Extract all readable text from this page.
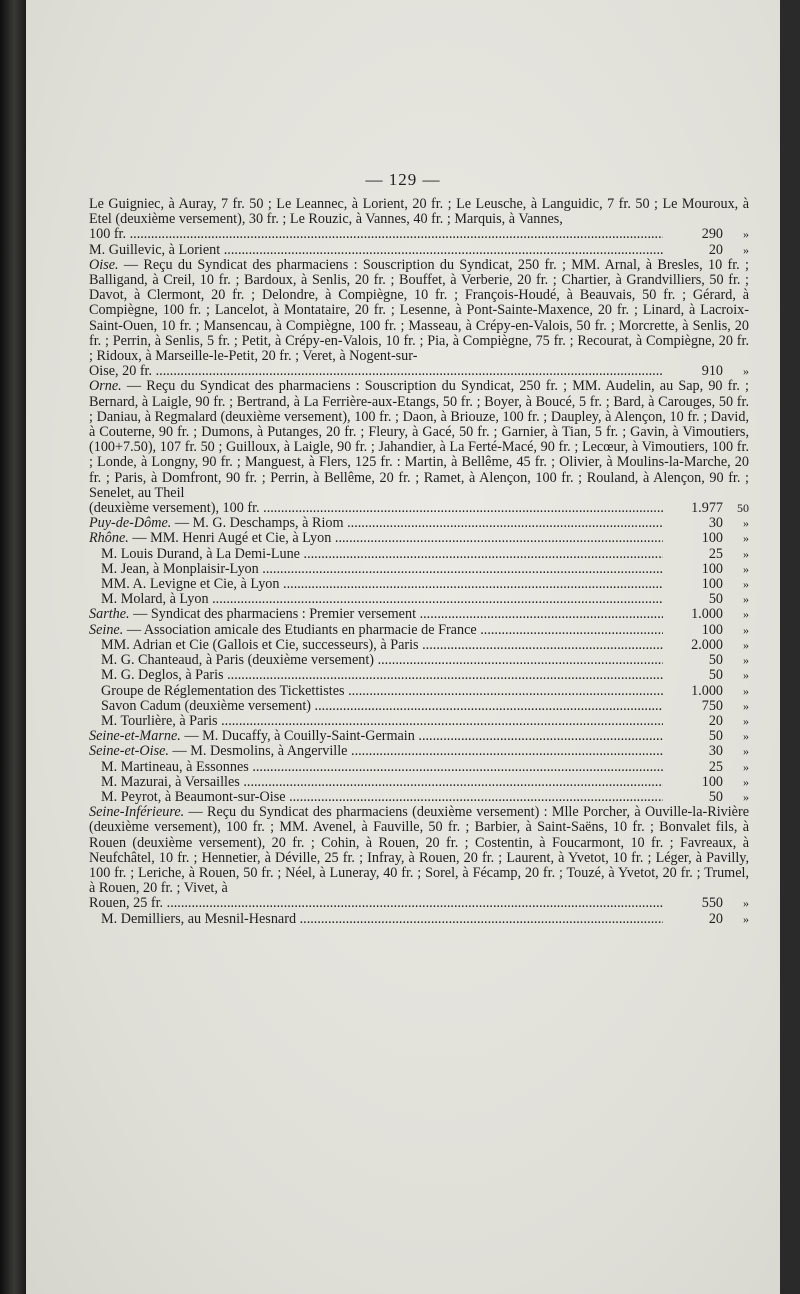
— 129 —

Le Guigniec, à Auray, 7 fr. 50 ; Le Leannec, à Lorient, 20 fr. ; Le Leusche, à Languidic, 7 fr. 50 ; Le Mouroux, à Etel (deuxième versement), 30 fr. ; Le Rouzic, à Vannes, 40 fr. ; Marquis, à Vannes,

100 fr. .....	290	»
M. Guillevic, à Lorient .....	20	»

Oise. — Reçu du Syndicat des pharmaciens : Souscription du Syndicat, 250 fr. ; MM. Arnal, à Bresles, 10 fr. ; Balligand, à Creil, 10 fr. ; Bardoux, à Senlis, 20 fr. ; Bouffet, à Verberie, 20 fr. ; Chartier, à Grandvilliers, 50 fr. ; Davot, à Clermont, 20 fr. ; Delondre, à Compiègne, 10 fr. ; François-Houdé, à Beauvais, 50 fr. ; Gérard, à Compiègne, 100 fr. ; Lancelot, à Montataire, 20 fr. ; Lesenne, à Pont-Sainte-Maxence, 20 fr. ; Linard, à Lacroix-Saint-Ouen, 10 fr. ; Mansencau, à Compiègne, 100 fr. ; Masseau, à Crépy-en-Valois, 50 fr. ; Morcrette, à Senlis, 20 fr. ; Perrin, à Senlis, 5 fr. ; Petit, à Crépy-en-Valois, 10 fr. ; Pia, à Compiègne, 75 fr. ; Recourat, à Compiègne, 20 fr. ; Ridoux, à Marseille-le-Petit, 20 fr. ; Veret, à Nogent-sur-

Oise, 20 fr. .....	910	»

Orne. — Reçu du Syndicat des pharmaciens : Souscription du Syndicat, 250 fr. ; MM. Audelin, au Sap, 90 fr. ; Bernard, à Laigle, 90 fr. ; Bertrand, à La Ferrière-aux-Etangs, 50 fr. ; Boyer, à Boucé, 5 fr. ; Bard, à Carouges, 50 fr. ; Daniau, à Regmalard (deuxième versement), 100 fr. ; Daon, à Briouze, 100 fr. ; Daupley, à Alençon, 10 fr. ; David, à Couterne, 90 fr. ; Dumons, à Putanges, 20 fr. ; Fleury, à Gacé, 50 fr. ; Garnier, à Tian, 5 fr. ; Gavin, à Vimoutiers, (100+7.50), 107 fr. 50 ; Guilloux, à Laigle, 90 fr. ; Jahandier, à La Ferté-Macé, 90 fr. ; Lecœur, à Vimoutiers, 100 fr. ; Londe, à Longny, 90 fr. ; Manguest, à Flers, 125 fr. : Martin, à Bellême, 45 fr. ; Olivier, à Moulins-la-Marche, 20 fr. ; Paris, à Domfront, 90 fr. ; Perrin, à Bellême, 20 fr. ; Ramet, à Alençon, 100 fr. ; Rouland, à Alençon, 90 fr. ; Senelet, au Theil

(deuxième versement), 100 fr. .....	1.977	50
Puy-de-Dôme. — M. G. Deschamps, à Riom .....	30	»
Rhône. — MM. Henri Augé et Cie, à Lyon .....	100	»
M. Louis Durand, à La Demi-Lune .....	25	»
M. Jean, à Monplaisir-Lyon .....	100	»
MM. A. Levigne et Cie, à Lyon .....	100	»
M. Molard, à Lyon .....	50	»
Sarthe. — Syndicat des pharmaciens : Premier versement .....	1.000	»
Seine. — Association amicale des Etudiants en pharmacie de France .....	100	»
MM. Adrian et Cie (Gallois et Cie, successeurs), à Paris .....	2.000	»
M. G. Chanteaud, à Paris (deuxième versement) .....	50	»
M. G. Deglos, à Paris .....	50	»
Groupe de Réglementation des Tickettistes .....	1.000	»
Savon Cadum (deuxième versement) .....	750	»
M. Tourlière, à Paris .....	20	»
Seine-et-Marne. — M. Ducaffy, à Couilly-Saint-Germain .....	50	»
Seine-et-Oise. — M. Desmolins, à Angerville .....	30	»
M. Martineau, à Essonnes .....	25	»
M. Mazurai, à Versailles .....	100	»
M. Peyrot, à Beaumont-sur-Oise .....	50	»

Seine-Inférieure. — Reçu du Syndicat des pharmaciens (deuxième versement) : Mlle Porcher, à Ouville-la-Rivière (deuxième versement), 100 fr. ; MM. Avenel, à Fauville, 50 fr. ; Barbier, à Saint-Saëns, 10 fr. ; Bonvalet fils, à Rouen (deuxième versement), 20 fr. ; Cohin, à Rouen, 20 fr. ; Costentin, à Foucarmont, 10 fr. ; Favreaux, à Neufchâtel, 10 fr. ; Hennetier, à Déville, 25 fr. ; Infray, à Rouen, 20 fr. ; Laurent, à Yvetot, 10 fr. ; Léger, à Pavilly, 100 fr. ; Leriche, à Rouen, 50 fr. ; Néel, à Luneray, 40 fr. ; Sorel, à Fécamp, 20 fr. ; Touzé, à Yvetot, 20 fr. ; Trumel, à Rouen, 20 fr. ; Vivet, à

Rouen, 25 fr. .....	550	»
M. Demilliers, au Mesnil-Hesnard .....	20	»
